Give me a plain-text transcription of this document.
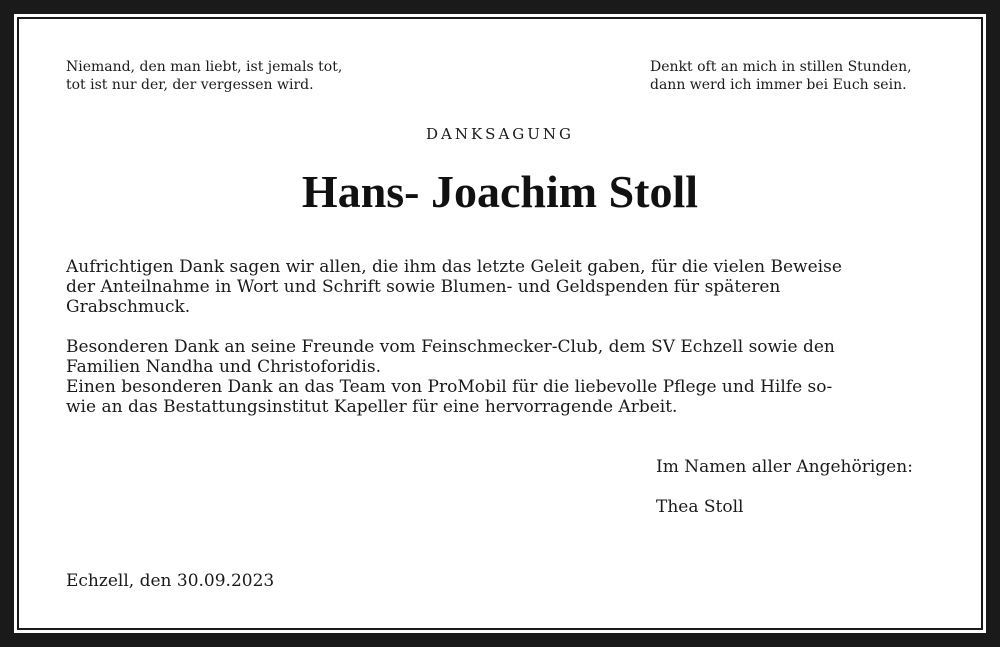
Niemand, den man liebt, ist jemals tot,
tot ist nur der, der vergessen wird.
Denkt oft an mich in stillen Stunden,
dann werd ich immer bei Euch sein.
DANKSAGUNG
Hans- Joachim Stoll
Aufrichtigen Dank sagen wir allen, die ihm das letzte Geleit gaben, für die vielen Beweise
der Anteilnahme in Wort und Schrift sowie Blumen- und Geldspenden für späteren
Grabschmuck.
Besonderen Dank an seine Freunde vom Feinschmecker-Club, dem SV Echzell sowie den
Familien Nandha und Christoforidis.
Einen besonderen Dank an das Team von ProMobil für die liebevolle Pflege und Hilfe so-
wie an das Bestattungsinstitut Kapeller für eine hervorragende Arbeit.
Im Namen aller Angehörigen:
Thea Stoll
Echzell, den 30.09.2023
